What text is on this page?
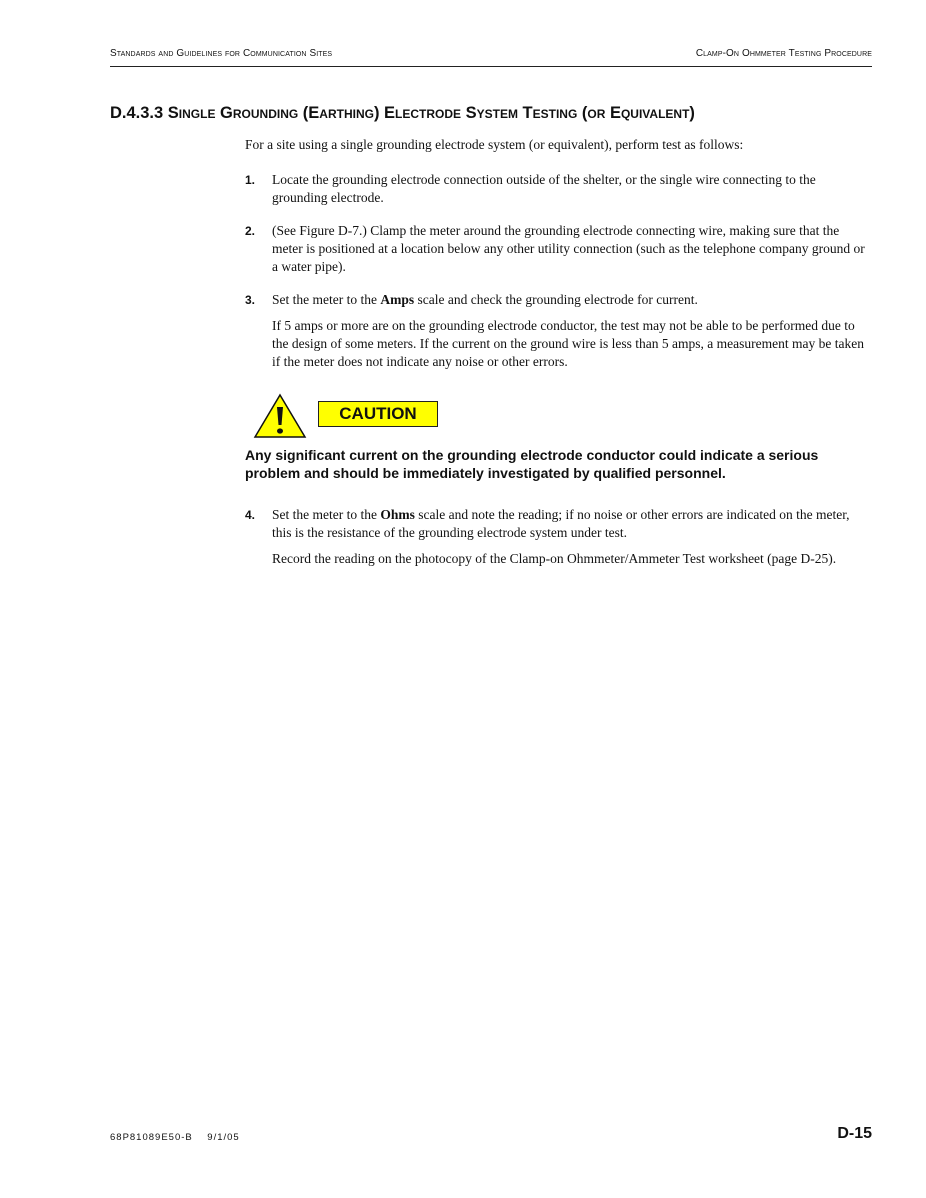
Standards and Guidelines for Communication Sites	Clamp-On Ohmmeter Testing Procedure
D.4.3.3 Single Grounding (Earthing) Electrode System Testing (or Equivalent)

For a site using a single grounding electrode system (or equivalent), perform test as follows:

1. Locate the grounding electrode connection outside of the shelter, or the single wire connecting to the grounding electrode.

2. (See Figure D-7.) Clamp the meter around the grounding electrode connecting wire, making sure that the meter is positioned at a location below any other utility connection (such as the telephone company ground or a water pipe).

3. Set the meter to the Amps scale and check the grounding electrode for current.

If 5 amps or more are on the grounding electrode conductor, the test may not be able to be performed due to the design of some meters. If the current on the ground wire is less than 5 amps, a measurement may be taken if the meter does not indicate any noise or other errors.

CAUTION
Any significant current on the grounding electrode conductor could indicate a serious problem and should be immediately investigated by qualified personnel.
4. Set the meter to the Ohms scale and note the reading; if no noise or other errors are indicated on the meter, this is the resistance of the grounding electrode system under test.

Record the reading on the photocopy of the Clamp-on Ohmmeter/Ammeter Test worksheet (page D-25).

68P81089E50-B    9/1/05	D-15
